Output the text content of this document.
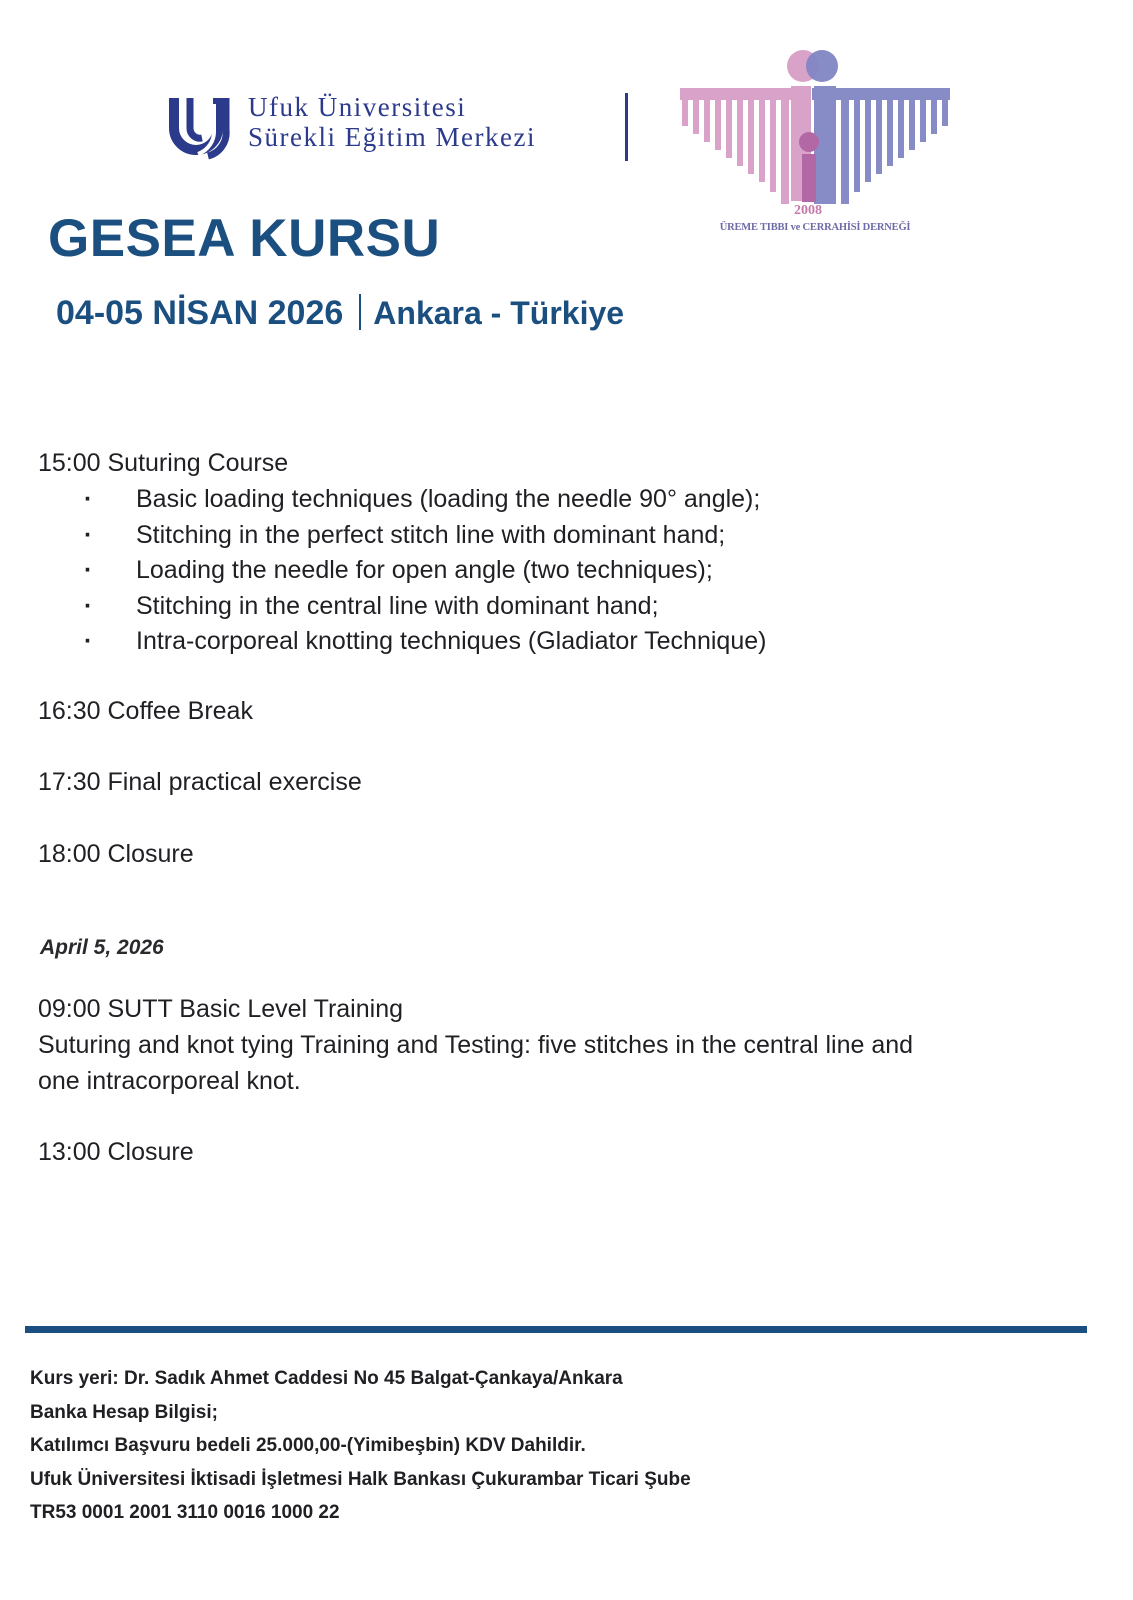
Ufuk Üniversitesi
Sürekli Eğitim Merkezi
2008
ÜREME TIBBI ve CERRAHİSİ DERNEĞİ
GESEA KURSU
04-05 NİSAN 2026 Ankara - Türkiye
15:00 Suturing Course
· Basic loading techniques (loading the needle 90° angle);
· Stitching in the perfect stitch line with dominant hand;
· Loading the needle for open angle (two techniques);
· Stitching in the central line with dominant hand;
· Intra-corporeal knotting techniques (Gladiator Technique)
16:30 Coffee Break
17:30 Final practical exercise
18:00 Closure
April 5, 2026
09:00 SUTT Basic Level Training
Suturing and knot tying Training and Testing: five stitches in the central line and one intracorporeal knot.
13:00 Closure
Kurs yeri: Dr. Sadık Ahmet Caddesi No 45 Balgat-Çankaya/Ankara
Banka Hesap Bilgisi;
Katılımcı Başvuru bedeli 25.000,00-(Yimibeşbin) KDV Dahildir.
Ufuk Üniversitesi İktisadi İşletmesi Halk Bankası Çukurambar Ticari Şube
TR53 0001 2001 3110 0016 1000 22
